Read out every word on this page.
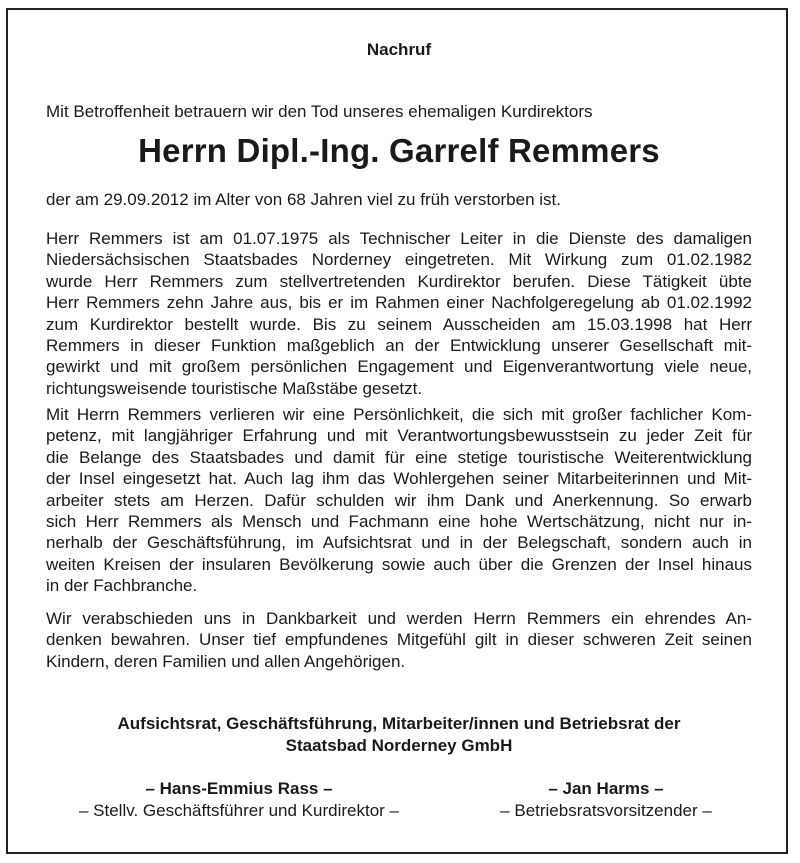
Nachruf
Mit Betroffenheit betrauern wir den Tod unseres ehemaligen Kurdirektors
Herrn Dipl.-Ing. Garrelf Remmers
der am 29.09.2012 im Alter von 68 Jahren viel zu früh verstorben ist.

Herr Remmers ist am 01.07.1975 als Technischer Leiter in die Dienste des damaligen
Niedersächsischen Staatsbades Norderney eingetreten. Mit Wirkung zum 01.02.1982
wurde Herr Remmers zum stellvertretenden Kurdirektor berufen. Diese Tätigkeit übte
Herr Remmers zehn Jahre aus, bis er im Rahmen einer Nachfolgeregelung ab 01.02.1992
zum Kurdirektor bestellt wurde. Bis zu seinem Ausscheiden am 15.03.1998 hat Herr
Remmers in dieser Funktion maßgeblich an der Entwicklung unserer Gesellschaft mit-
gewirkt und mit großem persönlichen Engagement und Eigenverantwortung viele neue,
richtungsweisende touristische Maßstäbe gesetzt.

Mit Herrn Remmers verlieren wir eine Persönlichkeit, die sich mit großer fachlicher Kom-
petenz, mit langjähriger Erfahrung und mit Verantwortungsbewusstsein zu jeder Zeit für
die Belange des Staatsbades und damit für eine stetige touristische Weiterentwicklung
der Insel eingesetzt hat. Auch lag ihm das Wohlergehen seiner Mitarbeiterinnen und Mit-
arbeiter stets am Herzen. Dafür schulden wir ihm Dank und Anerkennung. So erwarb
sich Herr Remmers als Mensch und Fachmann eine hohe Wertschätzung, nicht nur in-
nerhalb der Geschäftsführung, im Aufsichtsrat und in der Belegschaft, sondern auch in
weiten Kreisen der insularen Bevölkerung sowie auch über die Grenzen der Insel hinaus
in der Fachbranche.

Wir verabschieden uns in Dankbarkeit und werden Herrn Remmers ein ehrendes An-
denken bewahren. Unser tief empfundenes Mitgefühl gilt in dieser schweren Zeit seinen
Kindern, deren Familien und allen Angehörigen.

Aufsichtsrat, Geschäftsführung, Mitarbeiter/innen und Betriebsrat der
Staatsbad Norderney GmbH
– Hans-Emmius Rass –
– Stellv. Geschäftsführer und Kurdirektor –
– Jan Harms –
– Betriebsratsvorsitzender –
